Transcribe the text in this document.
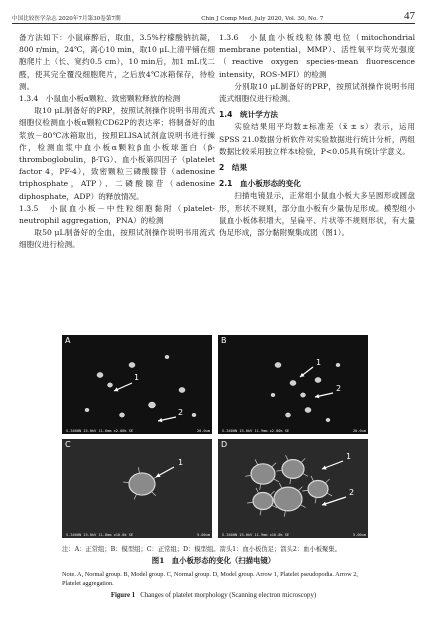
中国比较医学杂志 2020年7月第30卷第7期	Chin J Comp Med, July 2020, Vol. 30, No. 7	47

备方法如下：小鼠麻醉后，取血，3.5%柠檬酸钠抗凝，800 r/min，24℃，离心10 min，取10 μL上清平铺在细胞爬片上（长、宽约0.5 cm），10 min后，加1 mL戊二醛，使其完全覆没细胞爬片，之后放4℃冰箱保存，待检测。

1.3.4　小鼠血小板α颗粒、致密颗粒释放的检测

取10 μL制备好的PRP，按照试剂操作说明书用流式细胞仪检测血小板α颗粒CD62P的表达率；将制备好的血浆放－80℃冰箱取出，按照ELISA试剂盒说明书进行操作，检测血浆中血小板α颗粒β血小板球蛋白（β-thromboglobulin，β-TG）、血小板第四因子（platelet factor 4，PF-4），致密颗粒三磷酸腺苷（adenosine triphosphate，ATP）、二磷酸腺苷（adenosine diphosphate，ADP）的释放情况。

1.3.5　小鼠血小板－中性粒细胞黏附（platelet-neutrophil aggregation，PNA）的检测

取50 μL制备好的全血，按照试剂操作说明书用流式细胞仪进行检测。

1.3.6　小鼠血小板线粒体膜电位（mitochondrial membrane potential，MMP）、活性氧平均荧光强度（reactive oxygen species-mean fluorescence intensity，ROS-MFI）的检测

分别取10 μL制备好的PRP，按照试剂操作说明书用流式细胞仪进行检测。

1.4　统计学方法

实验结果用平均数±标准差（x̄ ± s）表示，运用SPSS 21.0数据分析软件对实验数据进行统计分析，两组数据比较采用独立样本t检验，P<0.05具有统计学意义。

2　结果

2.1　血小板形态的变化

扫描电镜显示，正常组小鼠血小板大多呈圆形或圆盘形，形状不规则，部分血小板有少量伪足形成。模型组小鼠血小板体积增大，呈扁平、片状等不规则形状，有大量伪足形成，部分黏附聚集成团（图1）。

1
2
A
S-3400N 15.0kV 11.6mm x2.00k SE	20.0um
1
2
B
S-3400N 15.0kV 11.9mm x2.00k SE	20.0um
1
C
S-3400N 15.0kV 11.8mm x10.0k SE	5.00um
1
2
D
S-3400N 15.0kV 11.9mm x10.0k SE	5.00um
注：A：正常组；B：模型组；C：正常组；D：模型组。箭头1：血小板伪足；箭头2：血小板聚集。
图1　血小板形态的变化（扫描电镜）
Note. A, Normal group. B, Model group. C, Normal group. D, Model group. Arrow 1, Platelet pseudopodia. Arrow 2, Platelet aggregation.
Figure 1 Changes of platelet morphology (Scanning electron microscopy)
